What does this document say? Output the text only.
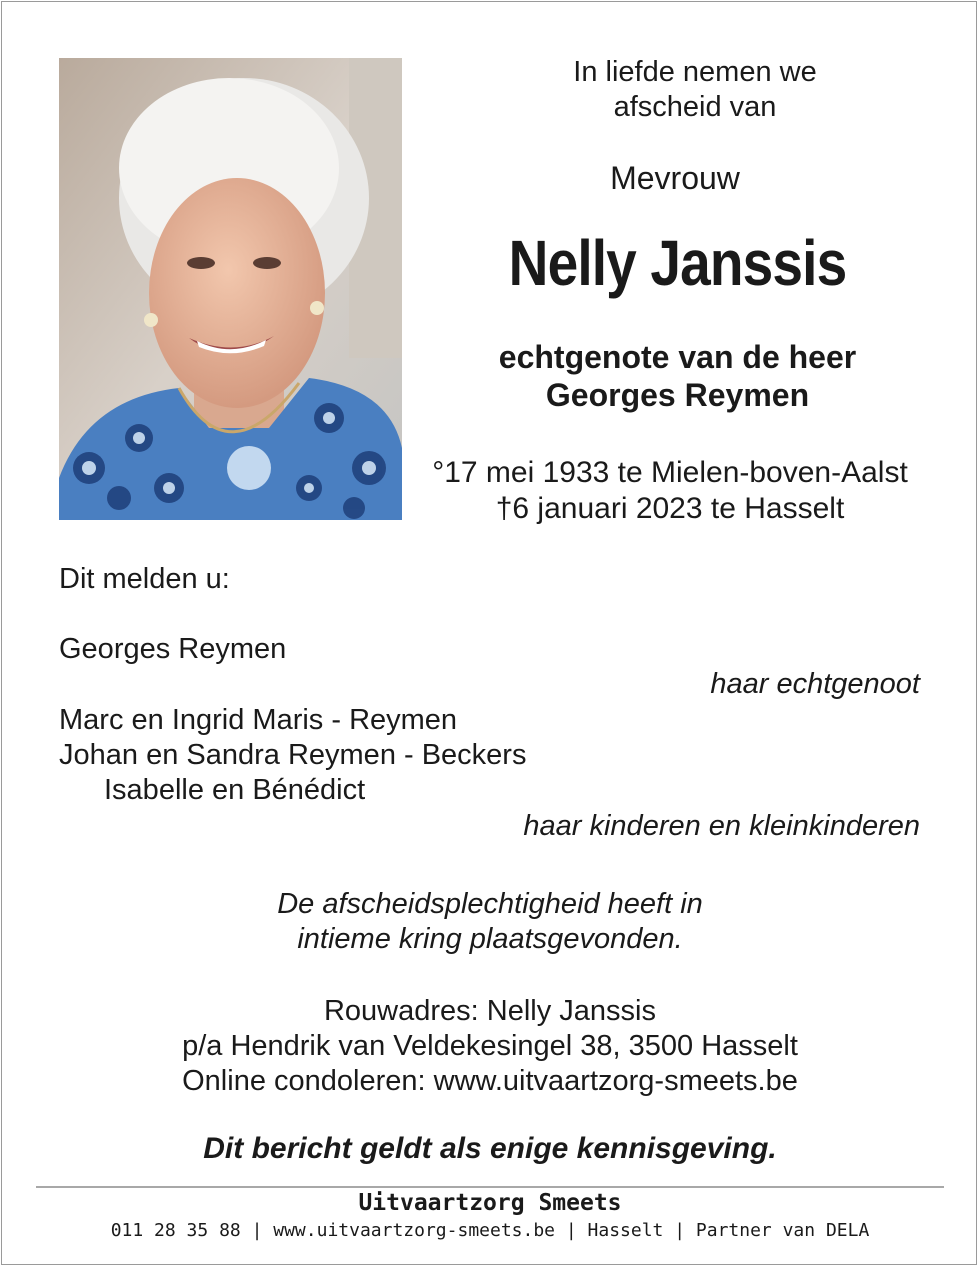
In liefde nemen we
afscheid van
Mevrouw
Nelly Janssis
echtgenote van de heer
Georges Reymen
°17 mei 1933 te Mielen-boven-Aalst
†6 januari 2023 te Hasselt
Dit melden u:
Georges Reymen
haar echtgenoot
Marc en Ingrid Maris - Reymen
Johan en Sandra Reymen - Beckers
Isabelle en Bénédict
haar kinderen en kleinkinderen
De afscheidsplechtigheid heeft in
intieme kring plaatsgevonden.
Rouwadres: Nelly Janssis
p/a Hendrik van Veldekesingel 38, 3500 Hasselt
Online condoleren: www.uitvaartzorg-smeets.be
Dit bericht geldt als enige kennisgeving.
Uitvaartzorg Smeets
011 28 35 88 | www.uitvaartzorg-smeets.be | Hasselt | Partner van DELA
